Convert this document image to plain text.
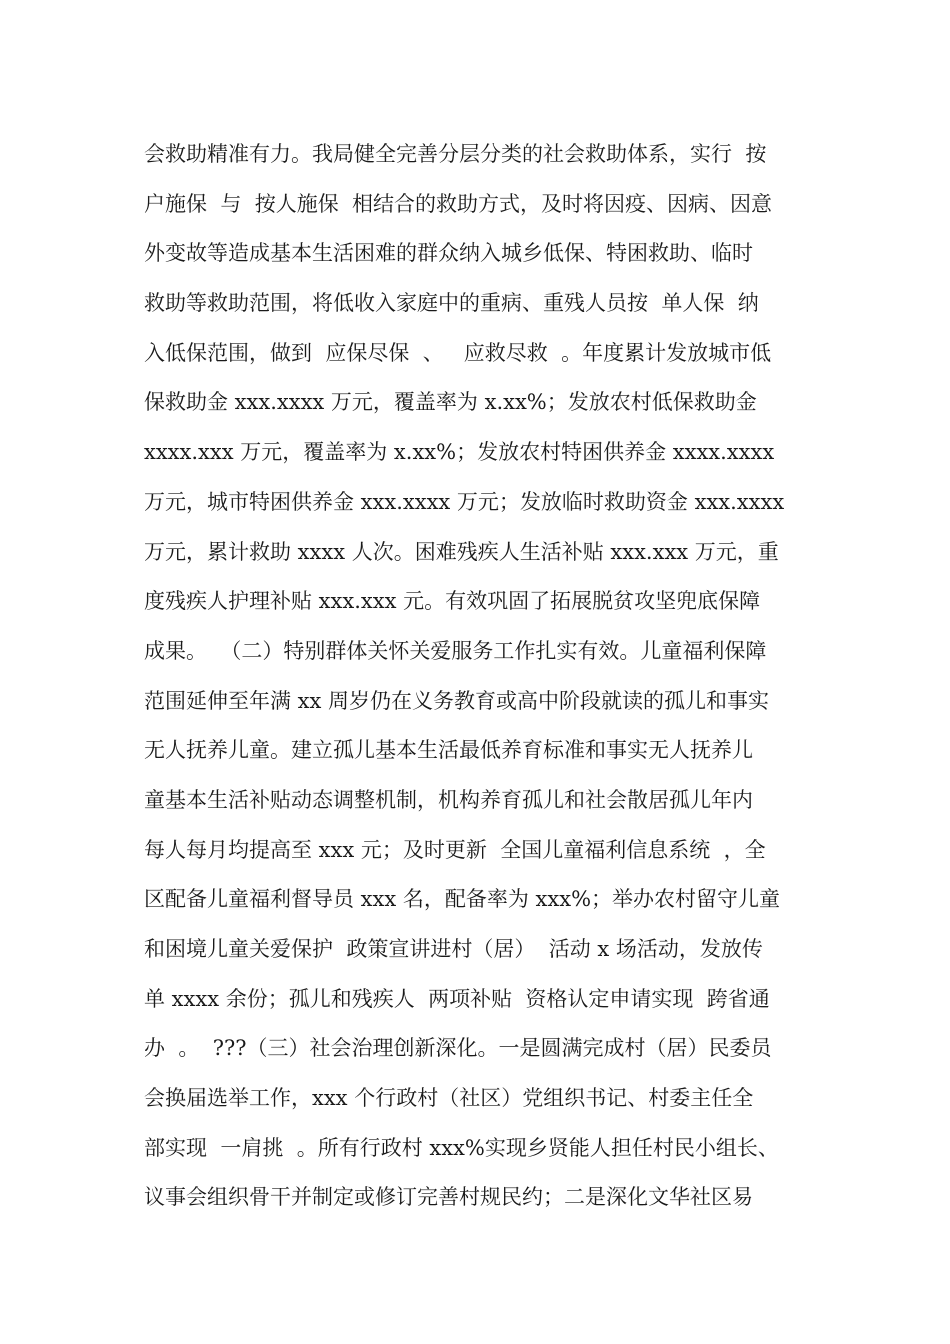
会救助精准有力。我局健全完善分层分类的社会救助体系，实行  按
户施保  与  按人施保  相结合的救助方式，及时将因疫、因病、因意
外变故等造成基本生活困难的群众纳入城乡低保、特困救助、临时
救助等救助范围，将低收入家庭中的重病、重残人员按  单人保  纳
入低保范围，做到  应保尽保  、   应救尽救  。年度累计发放城市低
保救助金 xxx.xxxx 万元，覆盖率为 x.xx%；发放农村低保救助金
xxxx.xxx 万元，覆盖率为 x.xx%；发放农村特困供养金 xxxx.xxxx
万元，城市特困供养金 xxx.xxxx 万元；发放临时救助资金 xxx.xxxx
万元，累计救助 xxxx 人次。困难残疾人生活补贴 xxx.xxx 万元，重
度残疾人护理补贴 xxx.xxx 元。有效巩固了拓展脱贫攻坚兜底保障
成果。  （二）特别群体关怀关爱服务工作扎实有效。儿童福利保障
范围延伸至年满 xx 周岁仍在义务教育或高中阶段就读的孤儿和事实
无人抚养儿童。建立孤儿基本生活最低养育标准和事实无人抚养儿
童基本生活补贴动态调整机制，机构养育孤儿和社会散居孤儿年内
每人每月均提高至 xxx 元；及时更新  全国儿童福利信息系统  ，全
区配备儿童福利督导员 xxx 名，配备率为 xxx%；举办农村留守儿童
和困境儿童关爱保护  政策宣讲进村（居）  活动 x 场活动，发放传
单 xxxx 余份；孤儿和残疾人  两项补贴  资格认定申请实现  跨省通
办  。  ???（三）社会治理创新深化。一是圆满完成村（居）民委员
会换届选举工作，xxx 个行政村（社区）党组织书记、村委主任全
部实现  一肩挑  。所有行政村 xxx%实现乡贤能人担任村民小组长、
议事会组织骨干并制定或修订完善村规民约；二是深化文华社区易
